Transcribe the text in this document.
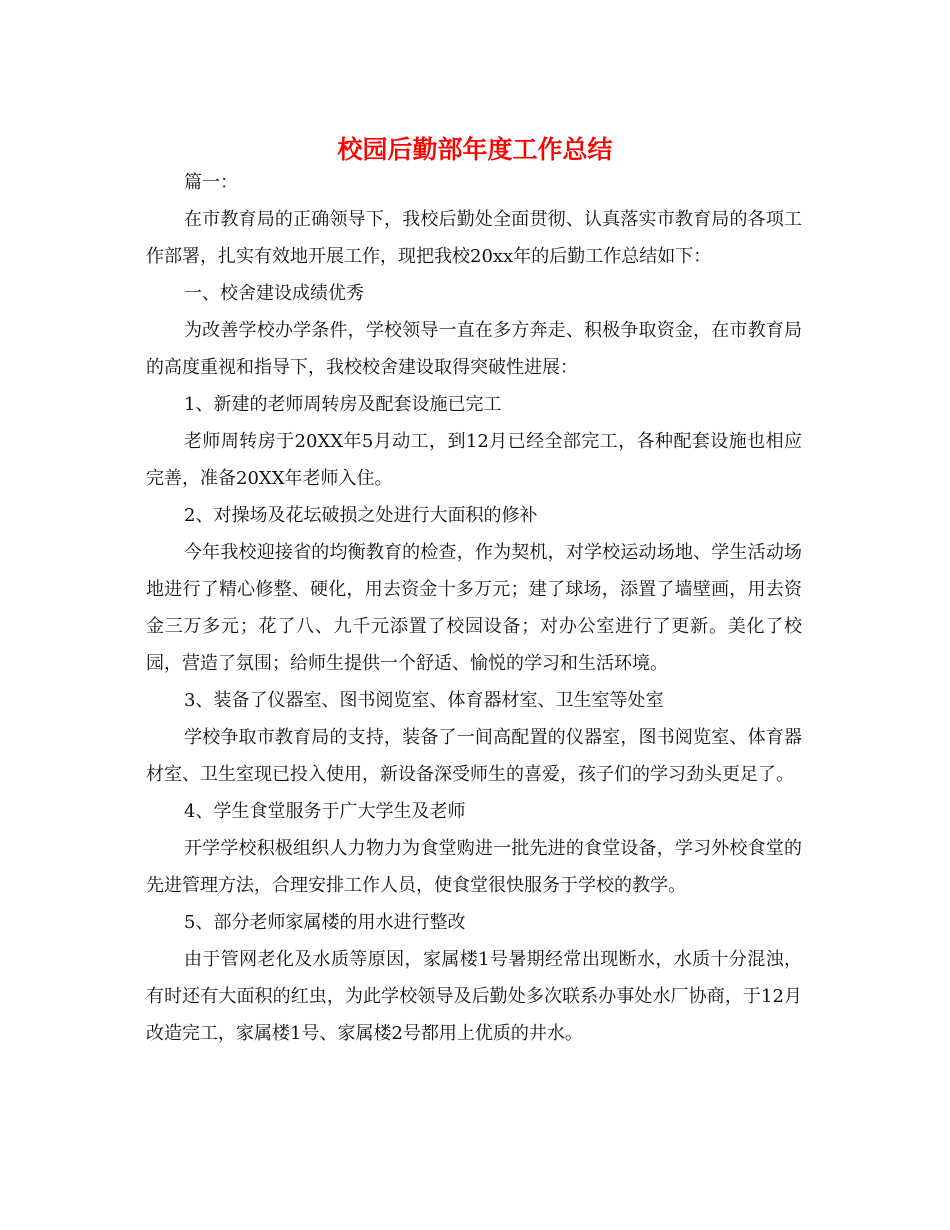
校园后勤部年度工作总结

篇一：

在市教育局的正确领导下，我校后勤处全面贯彻、认真落实市教育局的各项工作部署，扎实有效地开展工作，现把我校20xx年的后勤工作总结如下：

一、校舍建设成绩优秀

为改善学校办学条件，学校领导一直在多方奔走、积极争取资金，在市教育局的高度重视和指导下，我校校舍建设取得突破性进展：

1、新建的老师周转房及配套设施已完工

老师周转房于20XX年5月动工，到12月已经全部完工，各种配套设施也相应完善，准备20XX年老师入住。

2、对操场及花坛破损之处进行大面积的修补

今年我校迎接省的均衡教育的检查，作为契机，对学校运动场地、学生活动场地进行了精心修整、硬化，用去资金十多万元；建了球场，添置了墙壁画，用去资金三万多元；花了八、九千元添置了校园设备；对办公室进行了更新。美化了校园，营造了氛围；给师生提供一个舒适、愉悦的学习和生活环境。

3、装备了仪器室、图书阅览室、体育器材室、卫生室等处室

学校争取市教育局的支持，装备了一间高配置的仪器室，图书阅览室、体育器材室、卫生室现已投入使用，新设备深受师生的喜爱，孩子们的学习劲头更足了。

4、学生食堂服务于广大学生及老师

开学学校积极组织人力物力为食堂购进一批先进的食堂设备，学习外校食堂的先进管理方法，合理安排工作人员，使食堂很快服务于学校的教学。

5、部分老师家属楼的用水进行整改

由于管网老化及水质等原因，家属楼1号暑期经常出现断水，水质十分混浊，有时还有大面积的红虫，为此学校领导及后勤处多次联系办事处水厂协商，于12月改造完工，家属楼1号、家属楼2号都用上优质的井水。
